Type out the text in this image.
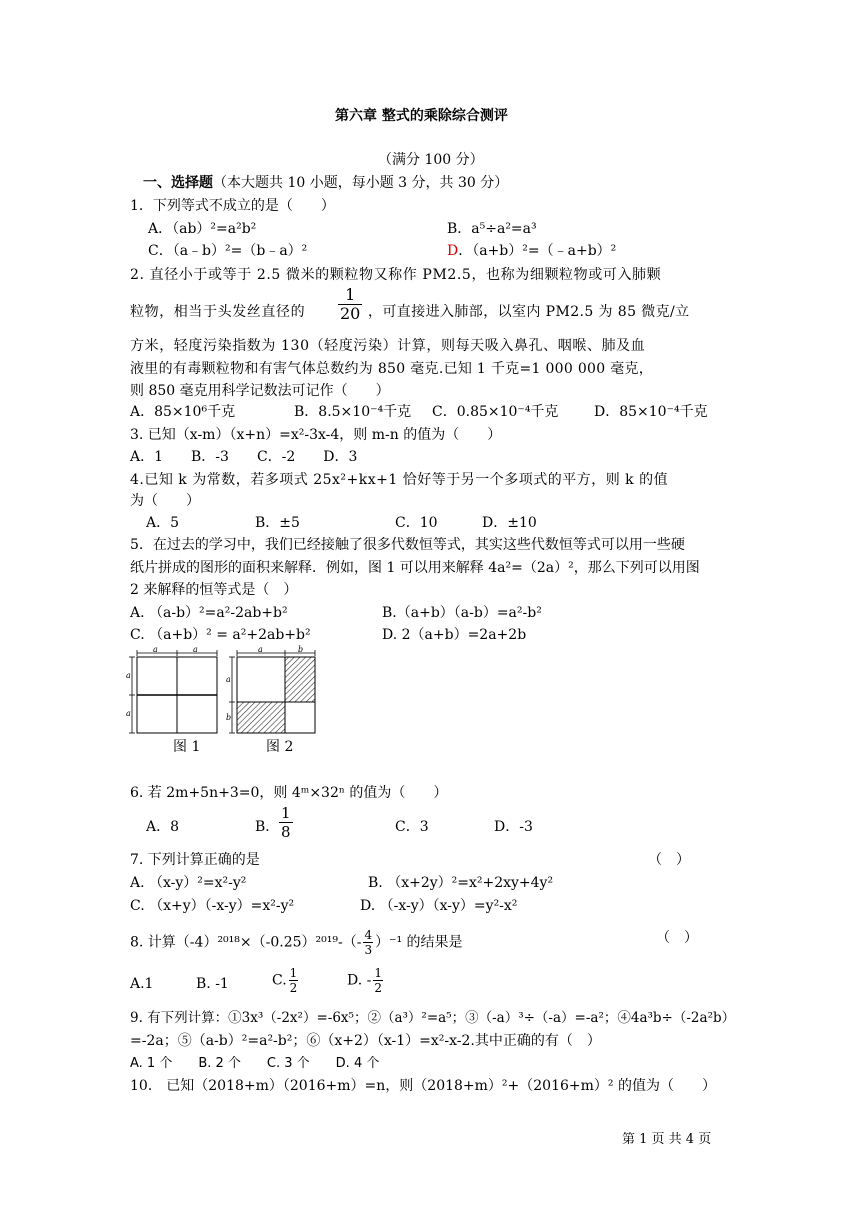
第六章 整式的乘除综合测评
（满分 100 分）
一、选择题（本大题共 10 小题，每小题 3 分，共 30 分）
1．下列等式不成立的是（　　）
A．（ab）²=a²b²	B．a⁵÷a²=a³
C．（a﹣b）²=（b﹣a）²	D．（a+b）²=（﹣a+b）²
2. 直径小于或等于 2.5 微米的颗粒物又称作 PM2.5，也称为细颗粒物或可入肺颗
粒物，相当于头发丝直径的 $\frac{1}{20}$ ，可直接进入肺部，以室内 PM2.5 为 85 微克/立
方米，轻度污染指数为 130（轻度污染）计算，则每天吸入鼻孔、咽喉、肺及血
液里的有毒颗粒物和有害气体总数约为 850 毫克.已知 1 千克=1 000 000 毫克，
则 850 毫克用科学记数法可记作（　　）
A．85×10⁶千克	B．8.5×10⁻⁴千克 C．0.85×10⁻⁴千克	D．85×10⁻⁴千克
3. 已知（x-m）（x+n）=x²-3x-4，则 m-n 的值为（　　）
A．1　　B．-3　　C．-2　　D．3
4.已知 k 为常数，若多项式 25x²+kx+1 恰好等于另一个多项式的平方，则 k 的值
为（　　）
A．5	B．±5	C．10	D．±10
5．在过去的学习中，我们已经接触了很多代数恒等式，其实这些代数恒等式可以用一些硬
纸片拼成的图形的面积来解释．例如，图 1 可以用来解释 4a²=（2a）²，那么下列可以用图
2 来解释的恒等式是（　）
A. （a-b）²=a²-2ab+b²	B.（a+b）（a-b）=a²-b²
C. （a+b）² = a²+2ab+b²	D. 2（a+b）=2a+2b
a	a
a
a
a	b
a
b
图 1	图 2
6. 若 2m+5n+3=0，则 4ᵐ×32ⁿ 的值为（　　）
A．8	B． $\frac{1}{8}$	C．3	D．-3
7. 下列计算正确的是	（　）
A. （x-y）²=x²-y²	B. （x+2y）²=x²+2xy+4y²
C. （x+y）（-x-y）=x²-y²	D. （-x-y）（x-y）=y²-x²
8. 计算$(-4)^{2018}\times(-0.25)^{2019}-(- \frac{4}{3} )^{-1}$ 的结果是	（　）
A.1	B. -1	C. $\frac{1}{2}$	D. - $\frac{1}{2}$
9. 有下列计算：①3x³（-2x²）=-6x⁵；②（a³）²=a⁵；③（-a）³÷（-a）=-a²；④4a³b÷（-2a²b）
=-2a；⑤（a-b）²=a²-b²；⑥（x+2）（x-1）=x²-x-2.其中正确的有（　）
A. 1 个　　B. 2 个　　C. 3 个　　D. 4 个
10． 已知（2018+m）（2016+m）=n，则（2018+m）²+（2016+m）² 的值为（　　）
第 1 页 共 4 页
